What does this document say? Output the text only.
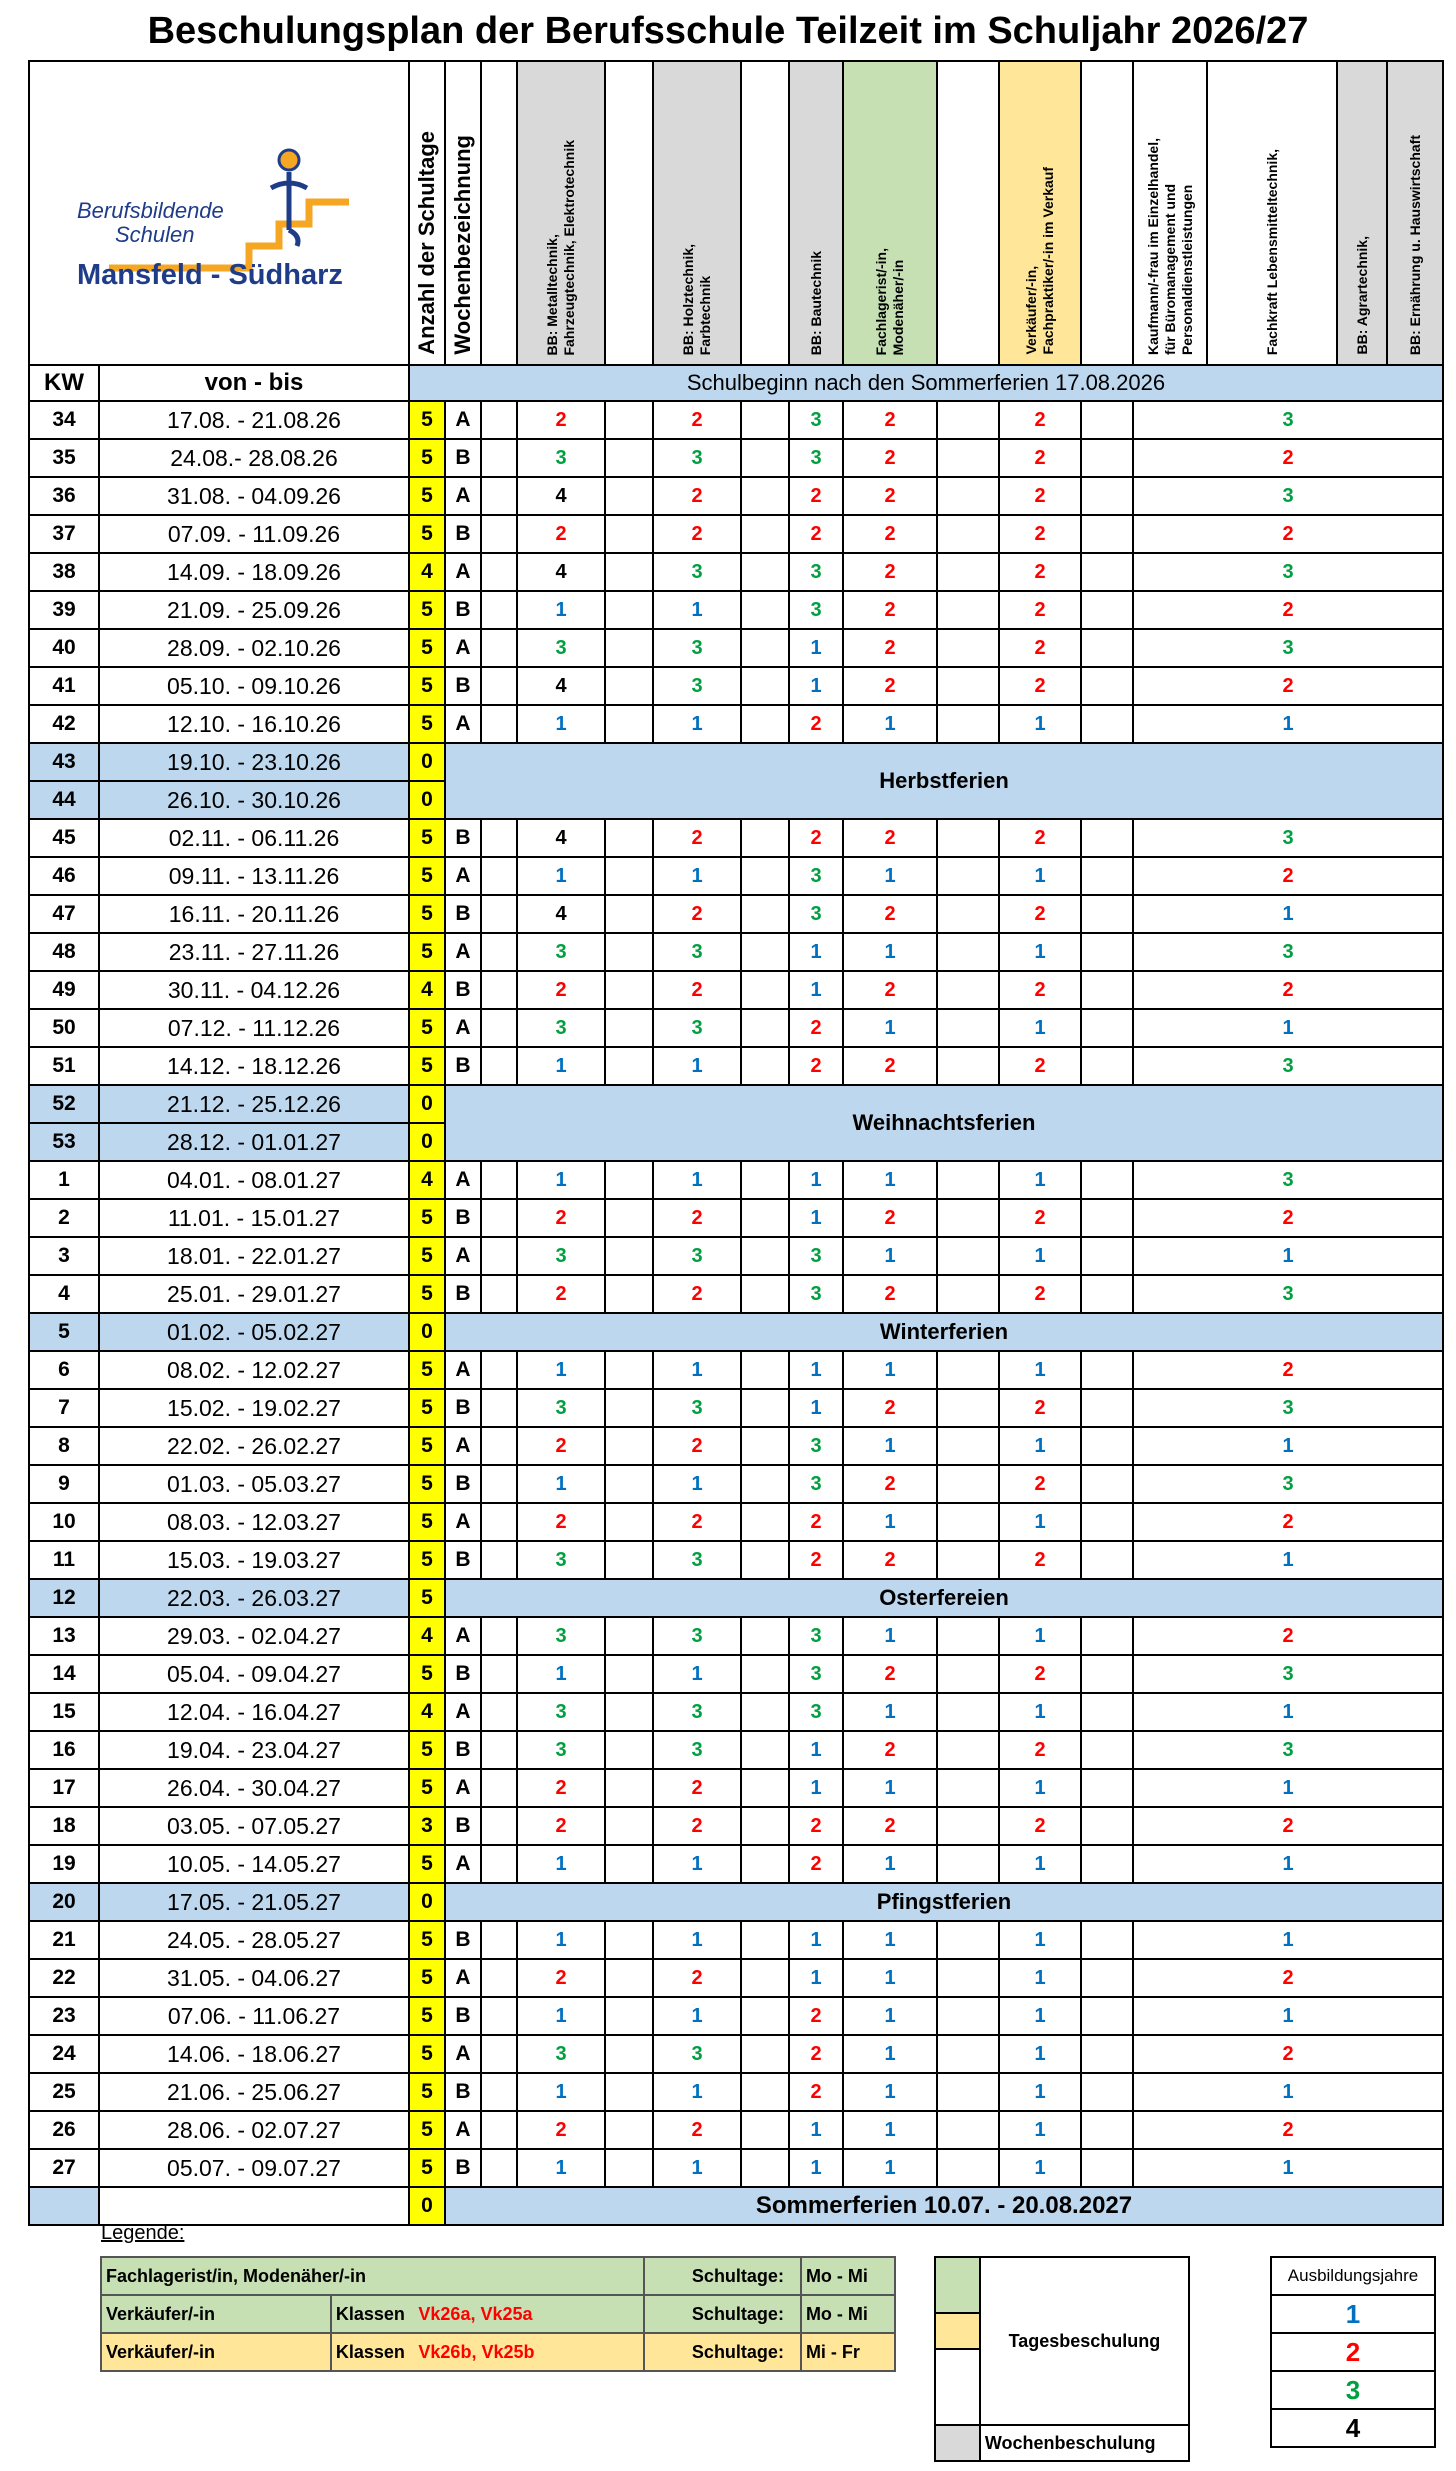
Beschulungsplan der Berufsschule Teilzeit im Schuljahr 2026/27
Berufsbildende
Schulen
Mansfeld - Südharz		Anzahl der Schultage	Wochenbezeichnung		BB: Metalltechnik,
Fahrzeugtechnik, Elektrotechnik		BB: Holztechnik,
Farbtechnik		BB: Bautechnik	Fachlagerist/-in,
Modenäher/-in		Verkäufer/-in,
Fachpraktiker/-in im Verkauf		Kaufmann/-frau im Einzelhandel,
für Büromanagement und
Personaldienstleistungen	Fachkraft Lebensmitteltechnik,	BB: Agrartechnik,	BB: Ernährung u. Hauswirtschaft
KW	von - bis	Schulbeginn nach den Sommerferien 17.08.2026															
34	17.08. - 21.08.26	5	A		2		2		3	2		2		3			
35	24.08.- 28.08.26	5	B		3		3		3	2		2		2			
36	31.08. - 04.09.26	5	A		4		2		2	2		2		3			
37	07.09. - 11.09.26	5	B		2		2		2	2		2		2			
38	14.09. - 18.09.26	4	A		4		3		3	2		2		3			
39	21.09. - 25.09.26	5	B		1		1		3	2		2		2			
40	28.09. - 02.10.26	5	A		3		3		1	2		2		3			
41	05.10. - 09.10.26	5	B		4		3		1	2		2		2			
42	12.10. - 16.10.26	5	A		1		1		2	1		1		1			
43	19.10. - 23.10.26	0	Herbstferien														
44	26.10. - 30.10.26	0															
45	02.11. - 06.11.26	5	B		4		2		2	2		2		3			
46	09.11. - 13.11.26	5	A		1		1		3	1		1		2			
47	16.11. - 20.11.26	5	B		4		2		3	2		2		1			
48	23.11. - 27.11.26	5	A		3		3		1	1		1		3			
49	30.11. - 04.12.26	4	B		2		2		1	2		2		2			
50	07.12. - 11.12.26	5	A		3		3		2	1		1		1			
51	14.12. - 18.12.26	5	B		1		1		2	2		2		3			
52	21.12. - 25.12.26	0	Weihnachtsferien														
53	28.12. - 01.01.27	0															
1	04.01. - 08.01.27	4	A		1		1		1	1		1		3			
2	11.01. - 15.01.27	5	B		2		2		1	2		2		2			
3	18.01. - 22.01.27	5	A		3		3		3	1		1		1			
4	25.01. - 29.01.27	5	B		2		2		3	2		2		3			
5	01.02. - 05.02.27	0	Winterferien														
6	08.02. - 12.02.27	5	A		1		1		1	1		1		2			
7	15.02. - 19.02.27	5	B		3		3		1	2		2		3			
8	22.02. - 26.02.27	5	A		2		2		3	1		1		1			
9	01.03. - 05.03.27	5	B		1		1		3	2		2		3			
10	08.03. - 12.03.27	5	A		2		2		2	1		1		2			
11	15.03. - 19.03.27	5	B		3		3		2	2		2		1			
12	22.03. - 26.03.27	5	Osterfereien														
13	29.03. - 02.04.27	4	A		3		3		3	1		1		2			
14	05.04. - 09.04.27	5	B		1		1		3	2		2		3			
15	12.04. - 16.04.27	4	A		3		3		3	1		1		1			
16	19.04. - 23.04.27	5	B		3		3		1	2		2		3			
17	26.04. - 30.04.27	5	A		2		2		1	1		1		1			
18	03.05. - 07.05.27	3	B		2		2		2	2		2		2			
19	10.05. - 14.05.27	5	A		1		1		2	1		1		1			
20	17.05. - 21.05.27	0	Pfingstferien														
21	24.05. - 28.05.27	5	B		1		1		1	1		1		1			
22	31.05. - 04.06.27	5	A		2		2		1	1		1		2			
23	07.06. - 11.06.27	5	B		1		1		2	1		1		1			
24	14.06. - 18.06.27	5	A		3		3		2	1		1		2			
25	21.06. - 25.06.27	5	B		1		1		2	1		1		1			
26	28.06. - 02.07.27	5	A		2		2		1	1		1		2			
27	05.07. - 09.07.27	5	B		1		1		1	1		1		1			
		0	Sommerferien 10.07. - 20.08.2027														
Legende:
Fachlagerist/in, Modenäher/-in			Schultage:	Mo - Mi
Verkäufer/-in	Klassen	Vk26a, Vk25a	Schultage:	Mo - Mi
Verkäufer/-in	Klassen	Vk26b, Vk25b	Schultage:	Mi - Fr
	Tagesbeschulung

	Wochenbeschulung
Ausbildungsjahre
1
2
3
4
